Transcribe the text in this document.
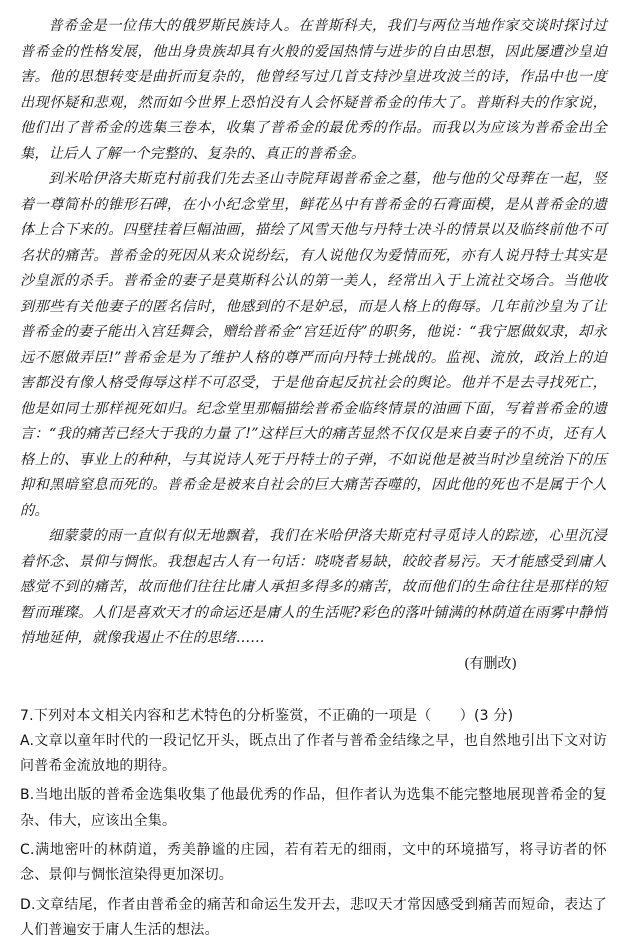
普希金是一位伟大的俄罗斯民族诗人。在普斯科夫，我们与两位当地作家交谈时探讨过普希金的性格发展，他出身贵族却具有火般的爱国热情与进步的自由思想，因此屡遭沙皇迫害。他的思想转变是曲折而复杂的，他曾经写过几首支持沙皇进攻波兰的诗，作品中也一度出现怀疑和悲观，然而如今世界上恐怕没有人会怀疑普希金的伟大了。普斯科夫的作家说，他们出了普希金的选集三卷本，收集了普希金的最优秀的作品。而我以为应该为普希金出全集，让后人了解一个完整的、复杂的、真正的普希金。

到米哈伊洛夫斯克村前我们先去圣山寺院拜谒普希金之墓，他与他的父母葬在一起，竖着一尊简朴的锥形石碑，在小小纪念堂里，鲜花丛中有普希金的石膏面模，是从普希金的遗体上合下来的。四壁挂着巨幅油画，描绘了风雪天他与丹特士决斗的情景以及临终前他不可名状的痛苦。普希金的死因从来众说纷纭，有人说他仅为爱情而死，亦有人说丹特士其实是沙皇派的杀手。普希金的妻子是莫斯科公认的第一美人，经常出入于上流社交场合。当他收到那些有关他妻子的匿名信时，他感到的不是妒忌，而是人格上的侮辱。几年前沙皇为了让普希金的妻子能出入宫廷舞会，赠给普希金“宫廷近侍”的职务，他说：“我宁愿做奴隶，却永远不愿做弄臣!”普希金是为了维护人格的尊严而向丹特士挑战的。监视、流放，政治上的迫害都没有像人格受侮辱这样不可忍受，于是他奋起反抗社会的舆论。他并不是去寻找死亡，他是如同士那样视死如归。纪念堂里那幅描绘普希金临终情景的油画下面，写着普希金的遗言：“我的痛苦已经大于我的力量了!”这样巨大的痛苦显然不仅仅是来自妻子的不贞，还有人格上的、事业上的种种，与其说诗人死于丹特士的子弹，不如说他是被当时沙皇统治下的压抑和黑暗窒息而死的。普希金是被来自社会的巨大痛苦吞噬的，因此他的死也不是属于个人的。

细蒙蒙的雨一直似有似无地飘着，我们在米哈伊洛夫斯克村寻觅诗人的踪迹，心里沉浸着怀念、景仰与惆怅。我想起古人有一句话：哓哓者易缺，皎皎者易污。天才能感受到庸人感觉不到的痛苦，故而他们往往比庸人承担多得多的痛苦，故而他们的生命往往是那样的短暂而璀璨。人们是喜欢天才的命运还是庸人的生活呢?彩色的落叶铺满的林荫道在雨雾中静悄悄地延伸，就像我遏止不住的思绪……

(有删改)

7.下列对本文相关内容和艺术特色的分析鉴赏，不正确的一项是（　　）(3 分)

A.文章以童年时代的一段记忆开头，既点出了作者与普希金结缘之早，也自然地引出下文对访问普希金流放地的期待。

B.当地出版的普希金选集收集了他最优秀的作品，但作者认为选集不能完整地展现普希金的复杂、伟大，应该出全集。

C.满地密叶的林荫道，秀美静谧的庄园，若有若无的细雨，文中的环境描写，将寻访者的怀念、景仰与惆怅渲染得更加深切。

D.文章结尾，作者由普希金的痛苦和命运生发开去，悲叹天才常因感受到痛苦而短命，表达了人们普遍安于庸人生活的想法。
